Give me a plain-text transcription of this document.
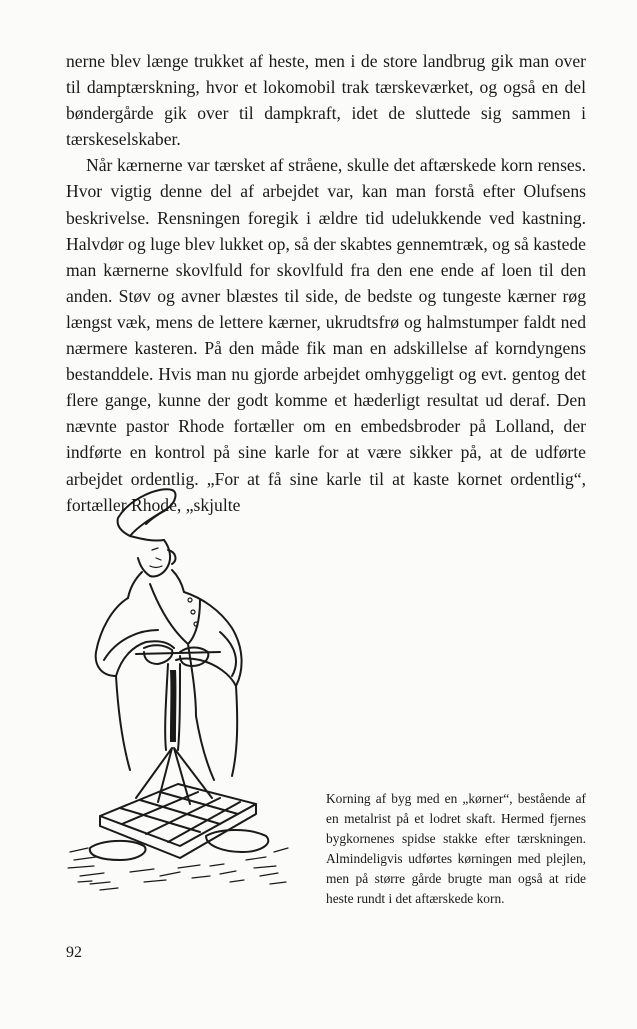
nerne blev længe trukket af heste, men i de store landbrug gik man over til damptærskning, hvor et lokomobil trak tærskeværket, og også en del bøndergårde gik over til dampkraft, idet de sluttede sig sammen i tærskeselskaber.

Når kærnerne var tærsket af stråene, skulle det aftærskede korn renses. Hvor vigtig denne del af arbejdet var, kan man forstå efter Olufsens beskrivelse. Rensningen foregik i ældre tid udelukkende ved kastning. Halvdør og luge blev lukket op, så der skabtes gennemtræk, og så kastede man kærnerne skovlfuld for skovlfuld fra den ene ende af loen til den anden. Støv og avner blæstes til side, de bedste og tungeste kærner røg længst væk, mens de lettere kærner, ukrudtsfrø og halmstumper faldt ned nærmere kasteren. På den måde fik man en adskillelse af korndyngens bestanddele. Hvis man nu gjorde arbejdet omhyggeligt og evt. gentog det flere gange, kunne der godt komme et hæderligt resultat ud deraf. Den nævnte pastor Rhode fortæller om en embedsbroder på Lolland, der indførte en kontrol på sine karle for at være sikker på, at de udførte arbejdet ordentlig. „For at få sine karle til at kaste kornet ordentlig“, fortæller Rhode, „skjulte

Korning af byg med en „kørner“, bestående af en metalrist på et lodret skaft. Hermed fjernes bygkornenes spidse stakke efter tærskningen. Almindeligvis udførtes kørningen med plejlen, men på større gårde brugte man også at ride heste rundt i det aftærskede korn.

92
